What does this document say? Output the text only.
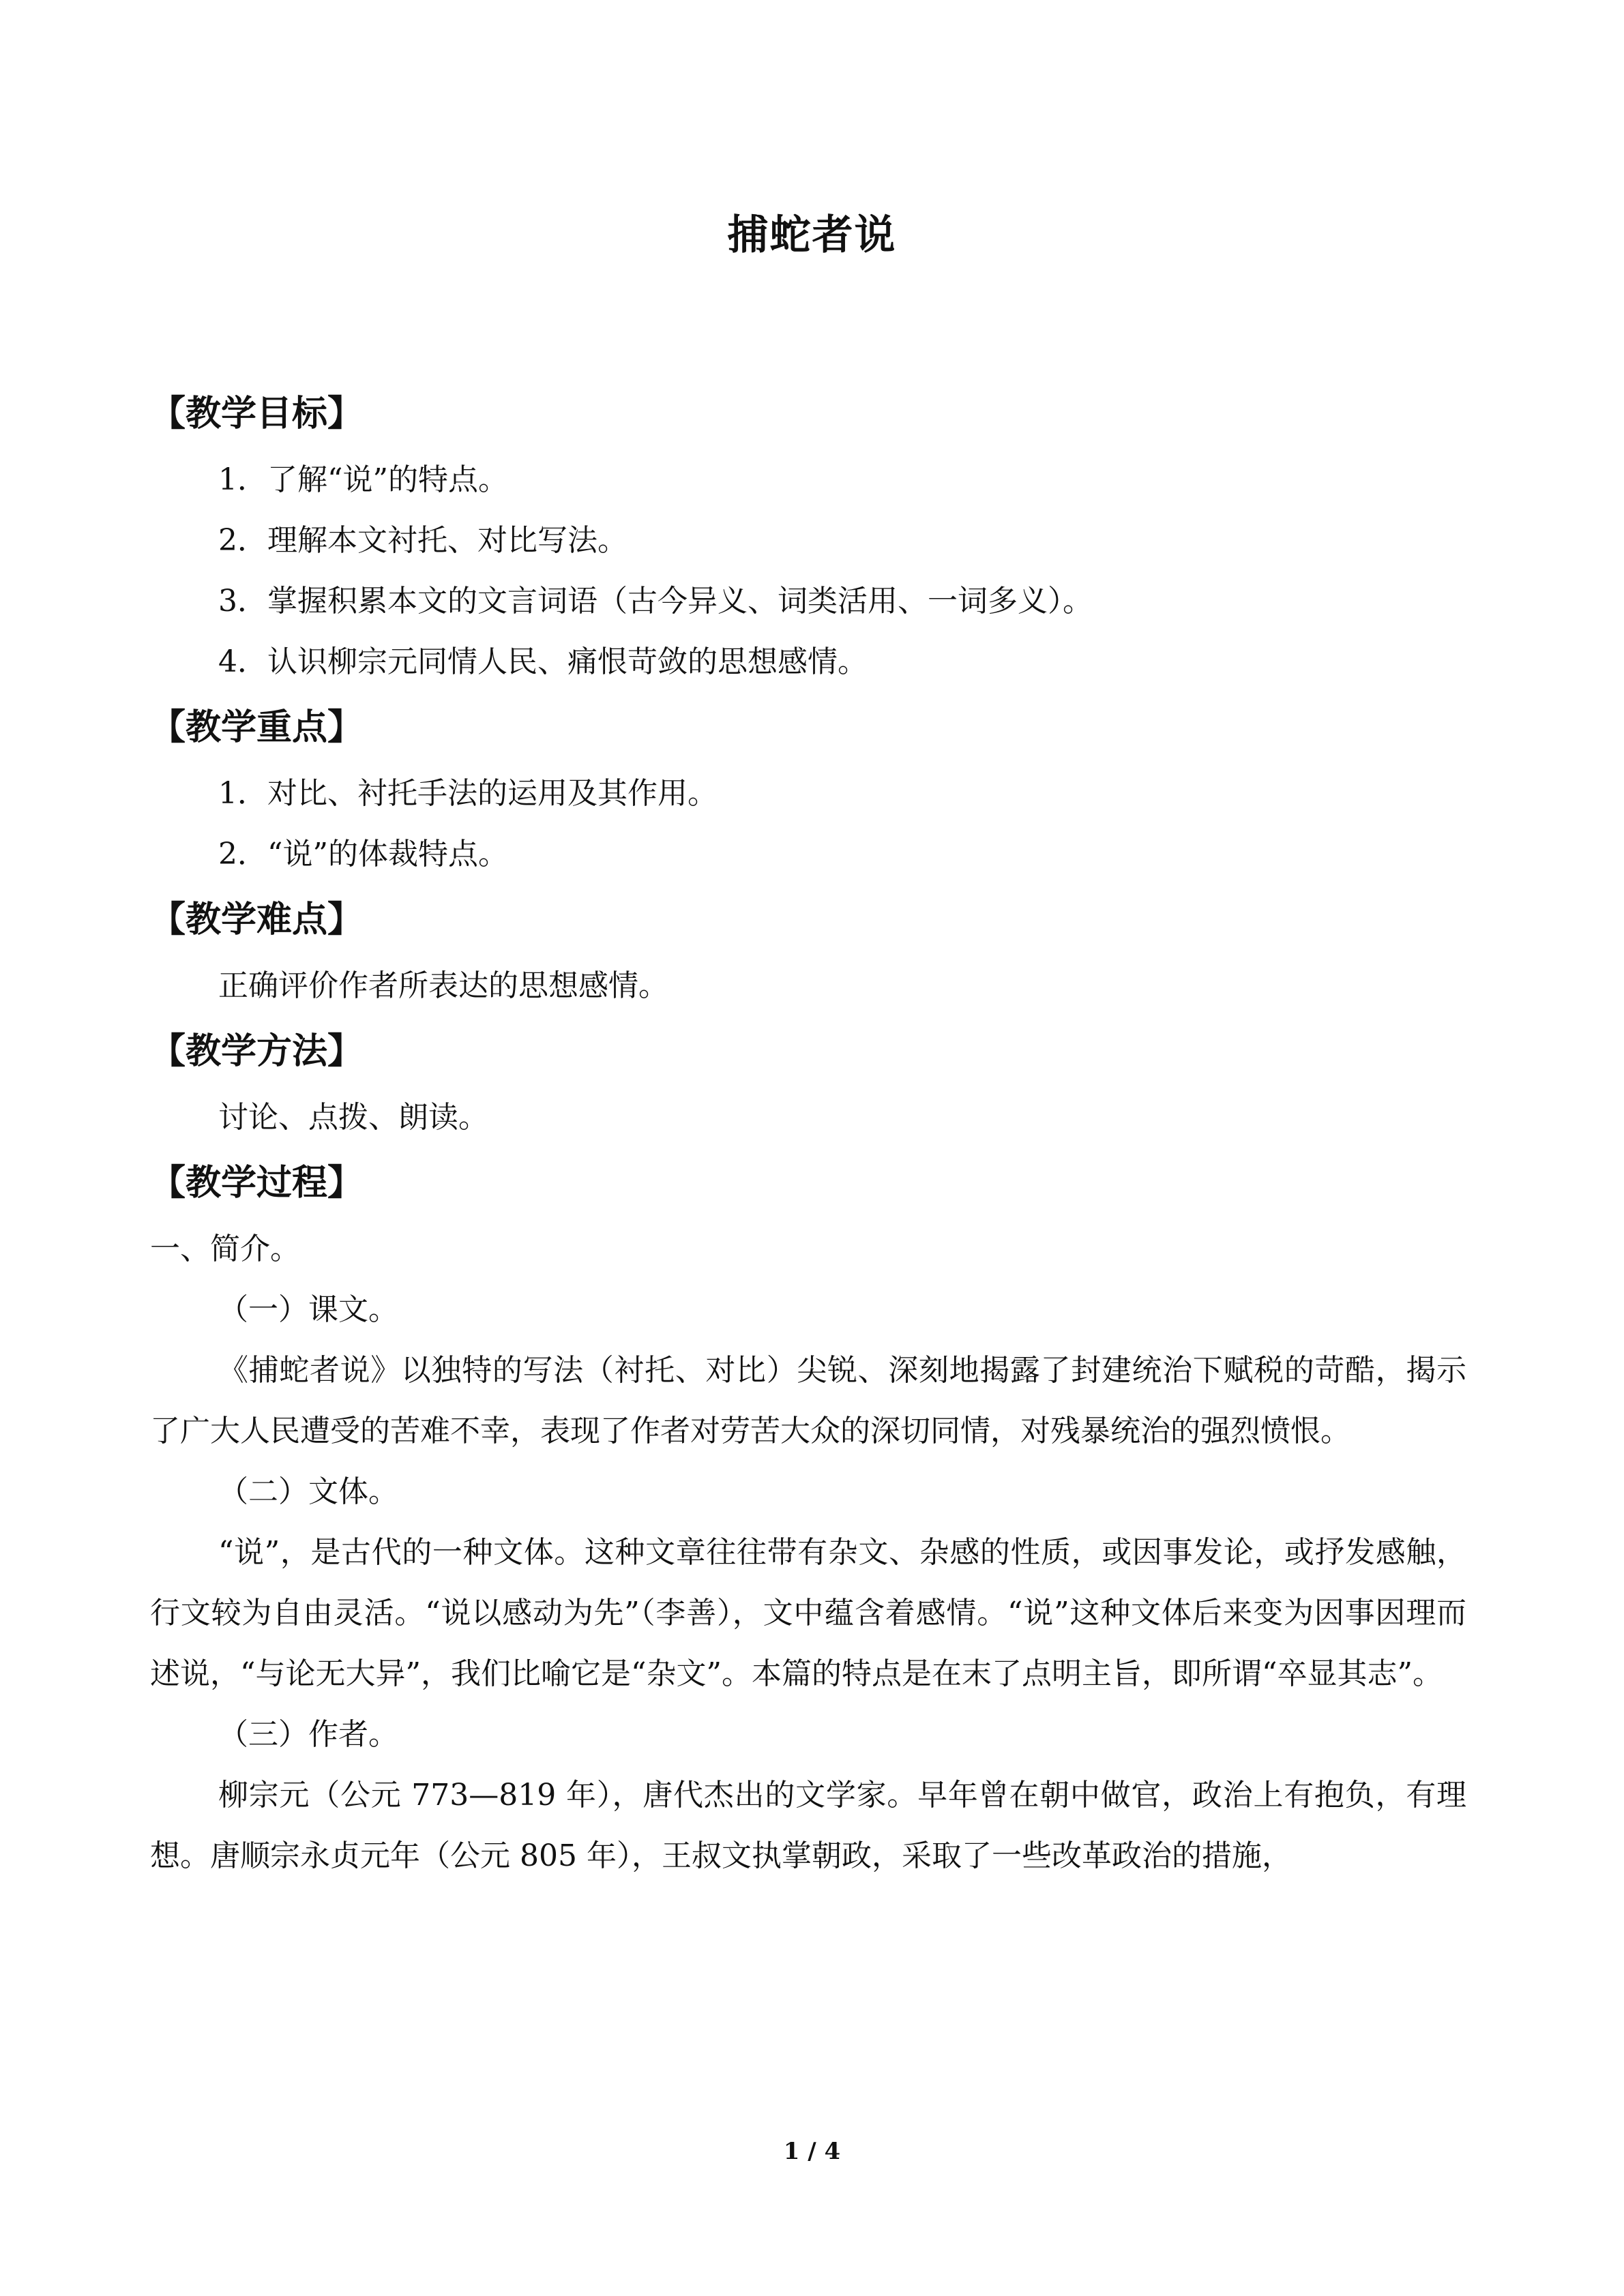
捕蛇者说
【教学目标】

1．了解“说”的特点。

2．理解本文衬托、对比写法。

3．掌握积累本文的文言词语（古今异义、词类活用、一词多义）。

4．认识柳宗元同情人民、痛恨苛敛的思想感情。

【教学重点】

1．对比、衬托手法的运用及其作用。

2．“说”的体裁特点。

【教学难点】

正确评价作者所表达的思想感情。

【教学方法】

讨论、点拨、朗读。

【教学过程】

一、简介。

（一）课文。

《捕蛇者说》以独特的写法（衬托、对比）尖锐、深刻地揭露了封建统治下赋税的苛酷，揭示了广大人民遭受的苦难不幸，表现了作者对劳苦大众的深切同情，对残暴统治的强烈愤恨。

（二）文体。

“说”，是古代的一种文体。这种文章往往带有杂文、杂感的性质，或因事发论，或抒发感触，行文较为自由灵活。“说以感动为先”（李善），文中蕴含着感情。“说”这种文体后来变为因事因理而述说，“与论无大异”，我们比喻它是“杂文”。本篇的特点是在末了点明主旨，即所谓“卒显其志”。

（三）作者。

柳宗元（公元 773—819 年），唐代杰出的文学家。早年曾在朝中做官，政治上有抱负，有理想。唐顺宗永贞元年（公元 805 年），王叔文执掌朝政，采取了一些改革政治的措施，

1 / 4
